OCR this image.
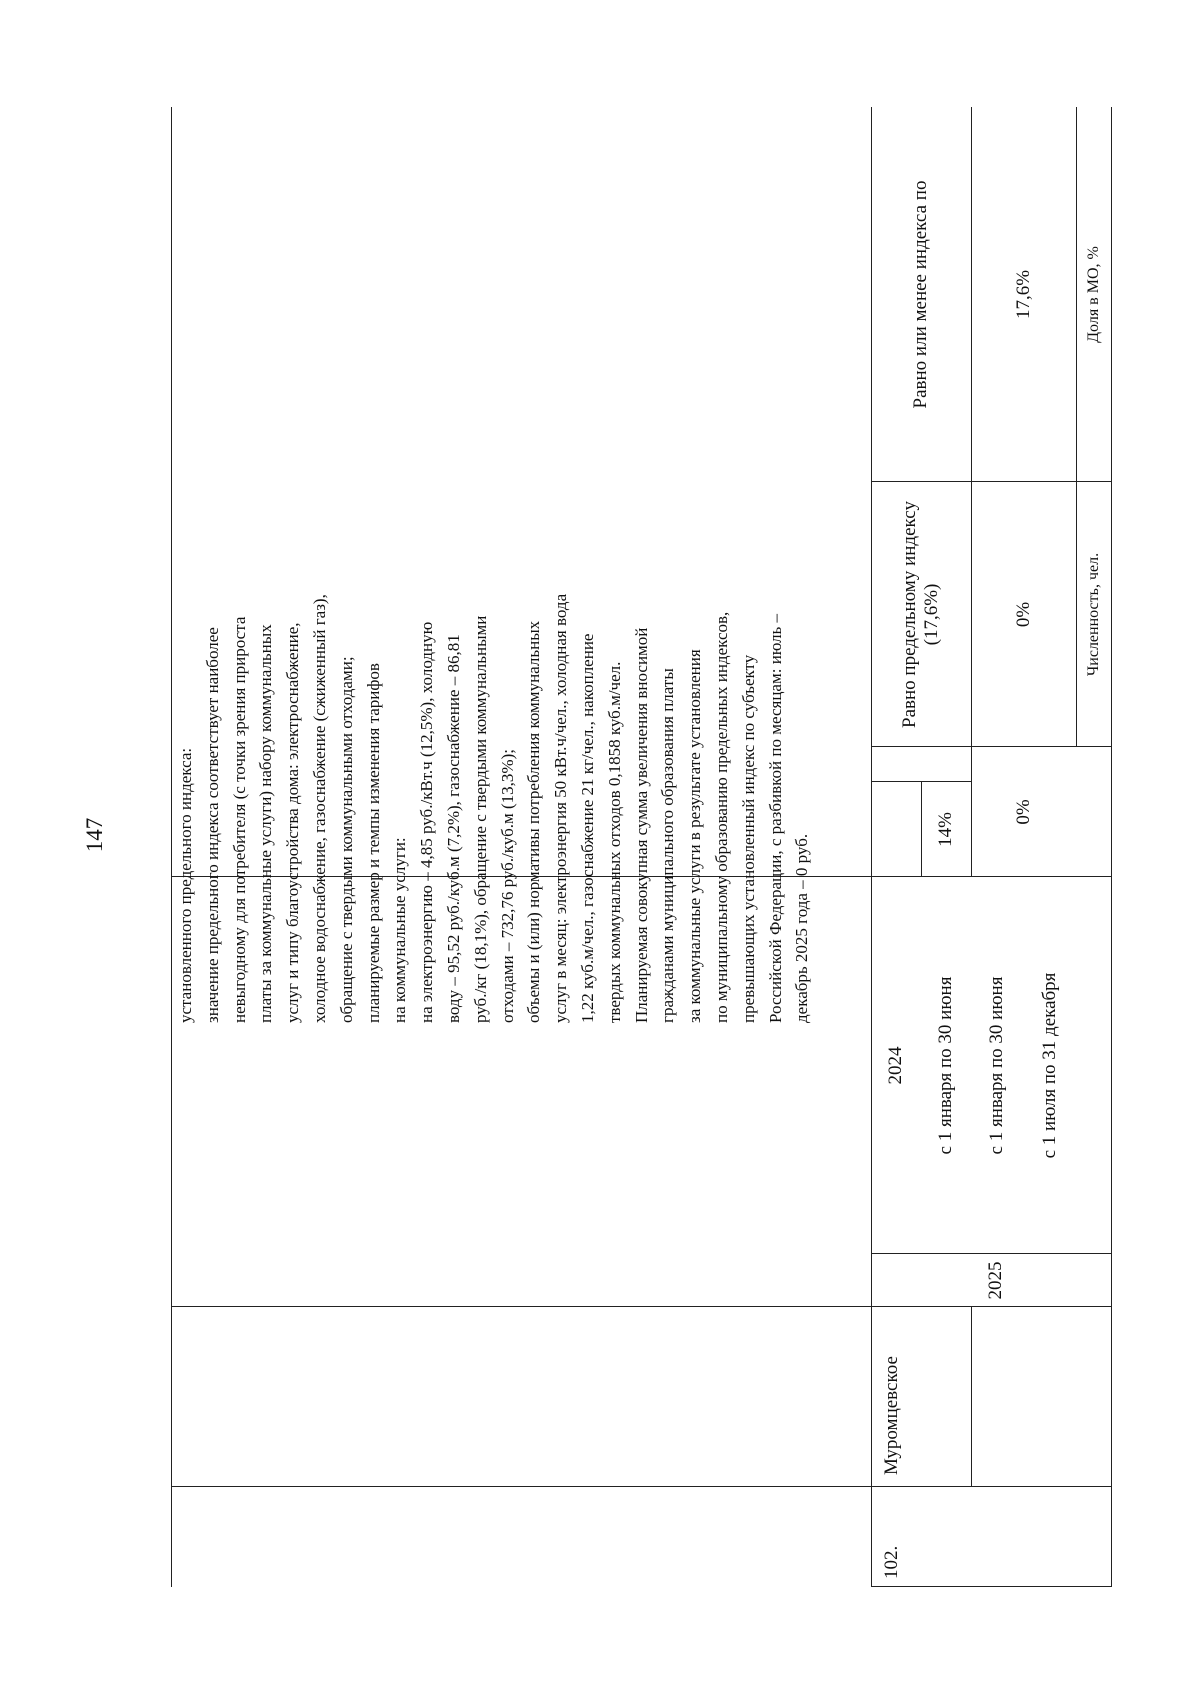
147
102.
Муромцевское
2024	с 1 января по 30 июня
0%
2025
с 1 января по 30 июня	с 1 июля по 31 декабря
14%
0%
17,6%
Равно предельному индексу (17,6%)
Равно или менее индекса по
Численность, чел.
Доля в МО, %

установленного предельного индекса: значение предельного индекса соответствует наиболее невыгодному для потребителя (с точки зрения прироста платы за коммунальные услуги) набору коммунальных услуг и типу благоустройства дома: электроснабжение, холодное водоснабжение, газоснабжение (сжиженный газ), обращение с твердыми коммунальными отходами; планируемые размер и темпы изменения тарифов на коммунальные услуги: на электроэнергию – 4,85 руб./кВт.ч (12,5%), холодную воду – 95,52 руб./куб.м (7,2%), газоснабжение – 86,81 руб./кг (18,1%), обращение с твердыми коммунальными отходами – 732,76 руб./куб.м (13,3%); объемы и (или) нормативы потребления коммунальных услуг в месяц: электроэнергия 50 кВт.ч/чел., холодная вода 1,22 куб.м/чел., газоснабжение 21 кг/чел., накопление твердых коммунальных отходов 0,1858 куб.м/чел. Планируемая совокупная сумма увеличения вносимой гражданами муниципального образования платы за коммунальные услуги в результате установления по муниципальному образованию предельных индексов, превышающих установленный индекс по субъекту Российской Федерации, с разбивкой по месяцам: июль – декабрь 2025 года – 0 руб.
